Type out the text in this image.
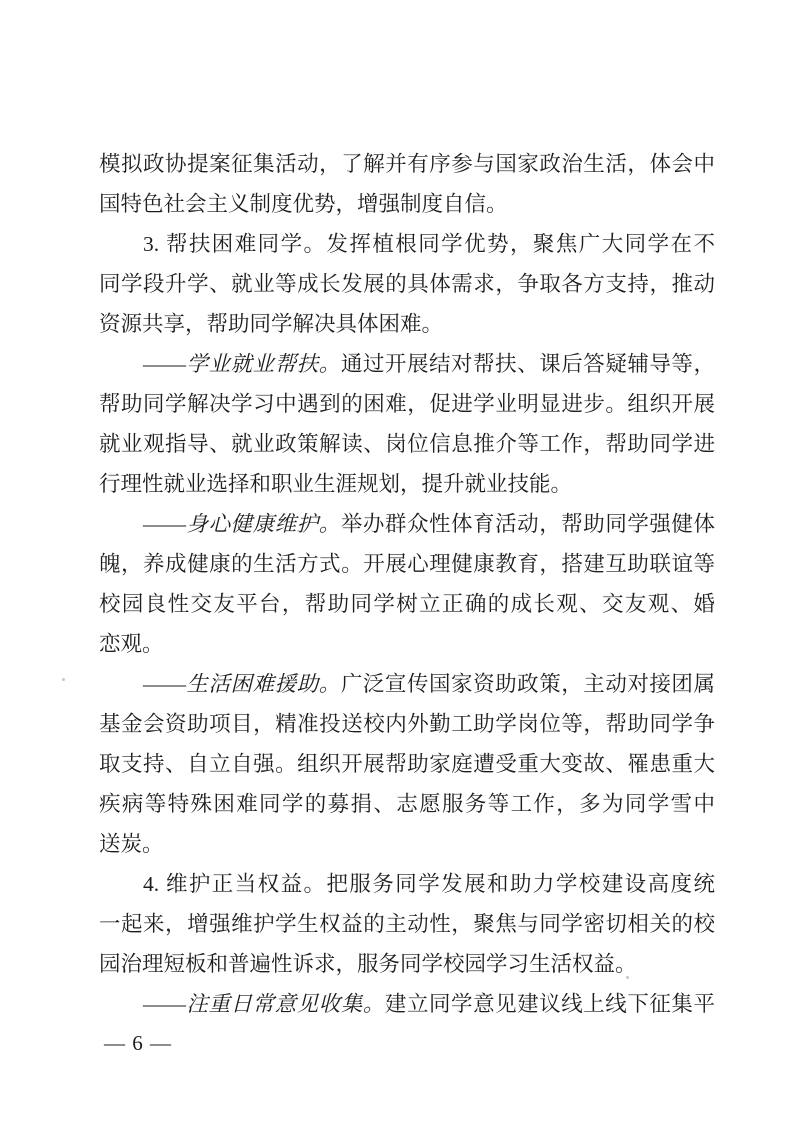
模拟政协提案征集活动，了解并有序参与国家政治生活，体会中
国特色社会主义制度优势，增强制度自信。
3. 帮扶困难同学。发挥植根同学优势，聚焦广大同学在不
同学段升学、就业等成长发展的具体需求，争取各方支持，推动
资源共享，帮助同学解决具体困难。
——学业就业帮扶。通过开展结对帮扶、课后答疑辅导等，
帮助同学解决学习中遇到的困难，促进学业明显进步。组织开展
就业观指导、就业政策解读、岗位信息推介等工作，帮助同学进
行理性就业选择和职业生涯规划，提升就业技能。
——身心健康维护。举办群众性体育活动，帮助同学强健体
魄，养成健康的生活方式。开展心理健康教育，搭建互助联谊等
校园良性交友平台，帮助同学树立正确的成长观、交友观、婚
恋观。
——生活困难援助。广泛宣传国家资助政策，主动对接团属
基金会资助项目，精准投送校内外勤工助学岗位等，帮助同学争
取支持、自立自强。组织开展帮助家庭遭受重大变故、罹患重大
疾病等特殊困难同学的募捐、志愿服务等工作，多为同学雪中
送炭。
4. 维护正当权益。把服务同学发展和助力学校建设高度统
一起来，增强维护学生权益的主动性，聚焦与同学密切相关的校
园治理短板和普遍性诉求，服务同学校园学习生活权益。
——注重日常意见收集。建立同学意见建议线上线下征集平
— 6 —
